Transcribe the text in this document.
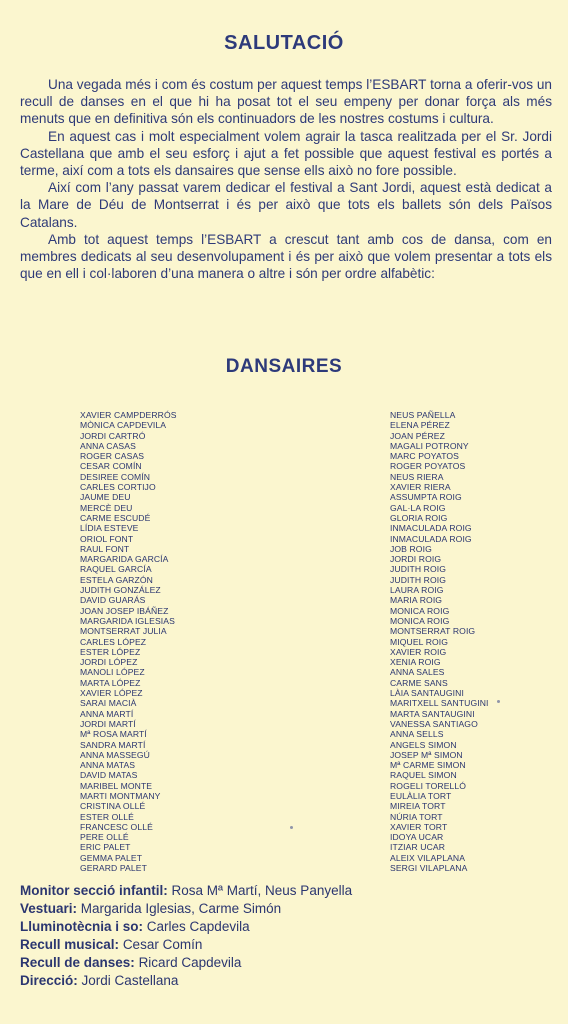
SALUTACIÓ

Una vegada més i com és costum per aquest temps l’ESBART torna a oferir-vos un recull de danses en el que hi ha posat tot el seu empeny per donar força als més menuts que en definitiva són els continuadors de les nostres costums i cultura.

En aquest cas i molt especialment volem agrair la tasca realitzada per el Sr. Jordi Castellana que amb el seu esforç i ajut a fet possible que aquest festival es portés a terme, així com a tots els dansaires que sense ells això no fore possible.

Així com l’any passat varem dedicar el festival a Sant Jordi, aquest està dedicat a la Mare de Déu de Montserrat i és per això que tots els ballets són dels Països Catalans.

Amb tot aquest temps l’ESBART a crescut tant amb cos de dansa, com en membres dedicats al seu desenvolupament i és per això que volem presentar a tots els que en ell i col·laboren d’una manera o altre i són per ordre alfabètic:

DANSAIRES
XAVIER CAMPDERRÓS
MÒNICA CAPDEVILA
JORDI CARTRÓ
ANNA CASAS
ROGER CASAS
CESAR COMÍN
DESIREE COMÍN
CARLES CORTIJO
JAUME DEU
MERCÈ DEU
CARME ESCUDÉ
LÍDIA ESTEVE
ORIOL FONT
RAUL FONT
MARGARIDA GARCÍA
RAQUEL GARCÍA
ESTELA GARZÓN
JUDITH GONZÁLEZ
DAVID GUARÁS
JOAN JOSEP IBÁÑEZ
MARGARIDA IGLESIAS
MONTSERRAT JULIA
CARLES LÓPEZ
ESTER LÓPEZ
JORDI LÓPEZ
MANOLI LÓPEZ
MARTA LÓPEZ
XAVIER LÓPEZ
SARAI MACIÀ
ANNA MARTÍ
JORDI MARTÍ
Mª ROSA MARTÍ
SANDRA MARTÍ
ANNA MASSEGÚ
ANNA MATAS
DAVID MATAS
MARIBEL MONTE
MARTI MONTMANY
CRISTINA OLLÉ
ESTER OLLÉ
FRANCESC OLLÉ
PERE OLLÉ
ERIC PALET
GEMMA PALET
GERARD PALET
NEUS PAÑELLA
ELENA PÉREZ
JOAN PÉREZ
MAGALI POTRONY
MARC POYATOS
ROGER POYATOS
NEUS RIERA
XAVIER RIERA
ASSUMPTA ROIG
GAL·LA ROIG
GLORIA ROIG
INMACULADA ROIG
INMACULADA ROIG
JOB ROIG
JORDI ROIG
JUDITH ROIG
JUDITH ROIG
LAURA ROIG
MARIA ROIG
MONICA ROIG
MONICA ROIG
MONTSERRAT ROIG
MIQUEL ROIG
XAVIER ROIG
XENIA ROIG
ANNA SALES
CARME SANS
LÀIA SANTAUGINI
MARITXELL SANTUGINI
MARTA SANTAUGINI
VANESSA SANTIAGO
ANNA SELLS
ANGELS SIMON
JOSEP Mª SIMON
Mª CARME SIMON
RAQUEL SIMON
ROGELI TORELLÓ
EULÀLIA TORT
MIREIA TORT
NÚRIA TORT
XAVIER TORT
IDOYA UCAR
ITZIAR UCAR
ALEIX VILAPLANA
SERGI VILAPLANA
Monitor secció infantil: Rosa Mª Martí, Neus Panyella
Vestuari: Margarida Iglesias, Carme Simón
Lluminotècnia i so: Carles Capdevila
Recull musical: Cesar Comín
Recull de danses: Ricard Capdevila
Direcció: Jordi Castellana
